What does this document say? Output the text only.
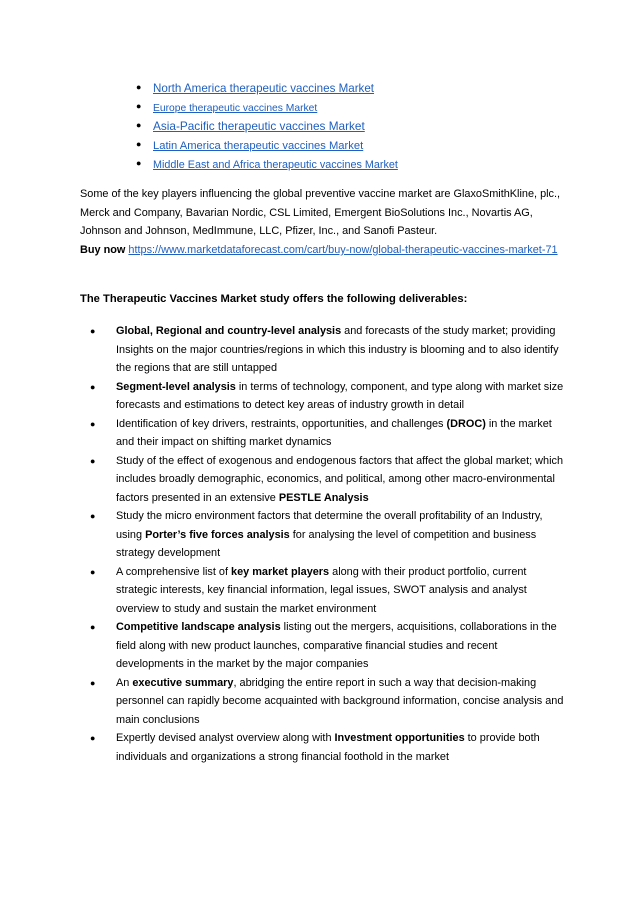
● North America therapeutic vaccines Market
● Europe therapeutic vaccines Market
● Asia-Pacific therapeutic vaccines Market
● Latin America therapeutic vaccines Market
● Middle East and Africa therapeutic vaccines Market

Some of the key players influencing the global preventive vaccine market are GlaxoSmithKline, plc., Merck and Company, Bavarian Nordic, CSL Limited, Emergent BioSolutions Inc., Novartis AG, Johnson and Johnson, MedImmune, LLC, Pfizer, Inc., and Sanofi Pasteur.

Buy now https://www.marketdataforecast.com/cart/buy-now/global-therapeutic-vaccines-market-71

The Therapeutic Vaccines Market study offers the following deliverables:

● Global, Regional and country-level analysis and forecasts of the study market; providing Insights on the major countries/regions in which this industry is blooming and to also identify the regions that are still untapped
● Segment-level analysis in terms of technology, component, and type along with market size forecasts and estimations to detect key areas of industry growth in detail
● Identification of key drivers, restraints, opportunities, and challenges (DROC) in the market and their impact on shifting market dynamics
● Study of the effect of exogenous and endogenous factors that affect the global market; which includes broadly demographic, economics, and political, among other macro-environmental factors presented in an extensive PESTLE Analysis
● Study the micro environment factors that determine the overall profitability of an Industry, using Porter’s five forces analysis for analysing the level of competition and business strategy development
● A comprehensive list of key market players along with their product portfolio, current strategic interests, key financial information, legal issues, SWOT analysis and analyst overview to study and sustain the market environment
● Competitive landscape analysis listing out the mergers, acquisitions, collaborations in the field along with new product launches, comparative financial studies and recent developments in the market by the major companies
● An executive summary, abridging the entire report in such a way that decision-making personnel can rapidly become acquainted with background information, concise analysis and main conclusions
● Expertly devised analyst overview along with Investment opportunities to provide both individuals and organizations a strong financial foothold in the market
